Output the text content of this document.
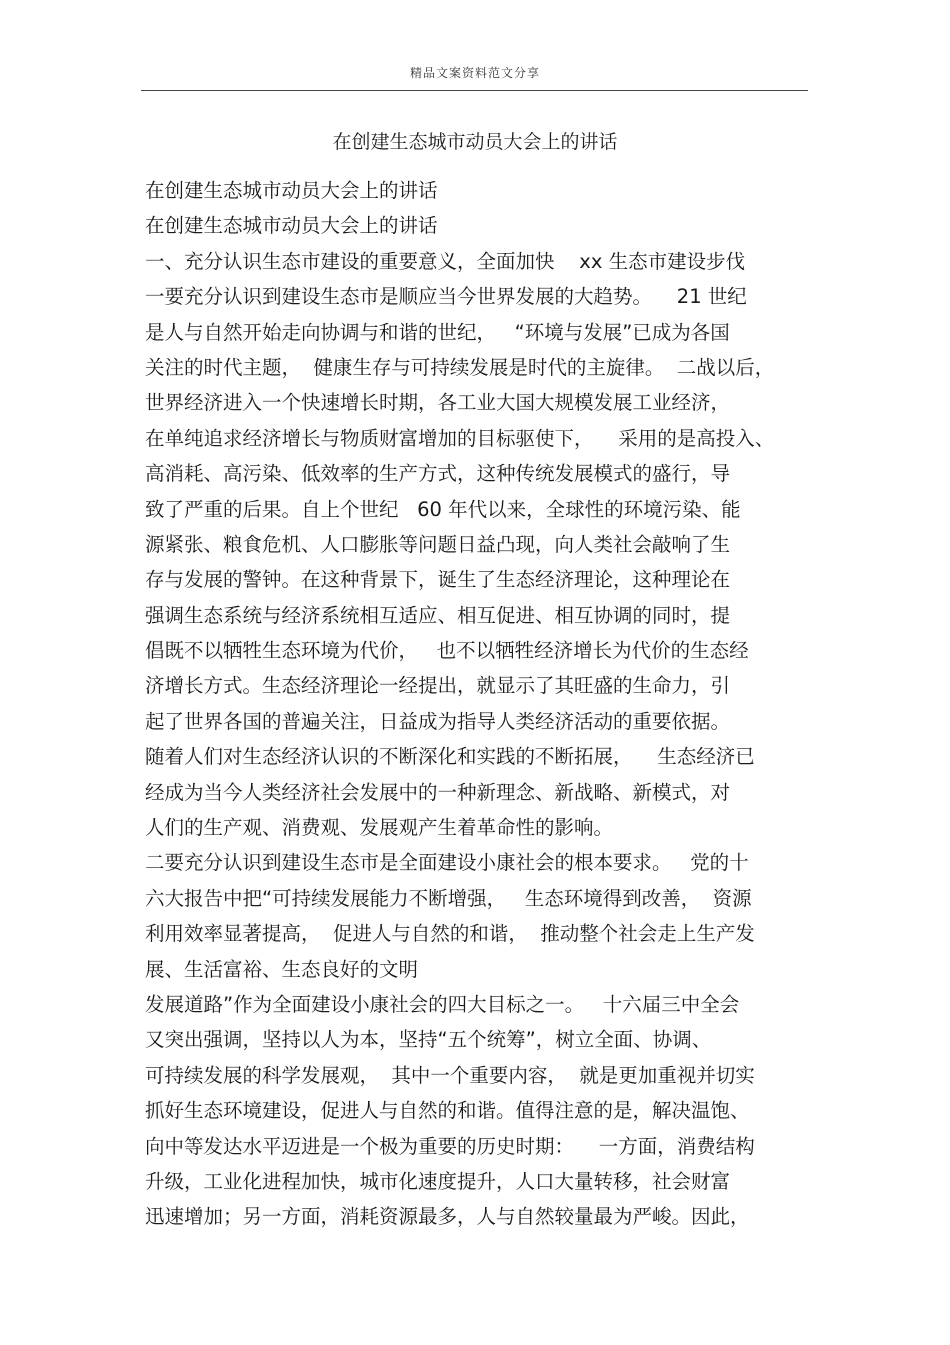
精品文案资料范文分享
在创建生态城市动员大会上的讲话
在创建生态城市动员大会上的讲话
在创建生态城市动员大会上的讲话
一、充分认识生态市建设的重要意义，全面加快    xx 生态市建设步伐
一要充分认识到建设生态市是顺应当今世界发展的大趋势。    21 世纪
是人与自然开始走向协调与和谐的世纪，   “环境与发展”已成为各国
关注的时代主题，  健康生存与可持续发展是时代的主旋律。  二战以后，
世界经济进入一个快速增长时期，各工业大国大规模发展工业经济，
在单纯追求经济增长与物质财富增加的目标驱使下，    采用的是高投入、
高消耗、高污染、低效率的生产方式，这种传统发展模式的盛行，导
致了严重的后果。自上个世纪   60 年代以来，全球性的环境污染、能
源紧张、粮食危机、人口膨胀等问题日益凸现，向人类社会敲响了生
存与发展的警钟。在这种背景下，诞生了生态经济理论，这种理论在
强调生态系统与经济系统相互适应、相互促进、相互协调的同时，提
倡既不以牺牲生态环境为代价，   也不以牺牲经济增长为代价的生态经
济增长方式。生态经济理论一经提出，就显示了其旺盛的生命力，引
起了世界各国的普遍关注，日益成为指导人类经济活动的重要依据。
随着人们对生态经济认识的不断深化和实践的不断拓展，    生态经济已
经成为当今人类经济社会发展中的一种新理念、新战略、新模式，对
人们的生产观、消费观、发展观产生着革命性的影响。
二要充分认识到建设生态市是全面建设小康社会的根本要求。   党的十
六大报告中把“可持续发展能力不断增强，   生态环境得到改善，  资源
利用效率显著提高，  促进人与自然的和谐，  推动整个社会走上生产发
展、生活富裕、生态良好的文明
发展道路”作为全面建设小康社会的四大目标之一。   十六届三中全会
又突出强调，坚持以人为本，坚持“五个统筹”，树立全面、协调、
可持续发展的科学发展观，  其中一个重要内容，  就是更加重视并切实
抓好生态环境建设，促进人与自然的和谐。值得注意的是，解决温饱、
向中等发达水平迈进是一个极为重要的历史时期：    一方面，消费结构
升级，工业化进程加快，城市化速度提升，人口大量转移，社会财富
迅速增加；另一方面，消耗资源最多，人与自然较量最为严峻。因此，
